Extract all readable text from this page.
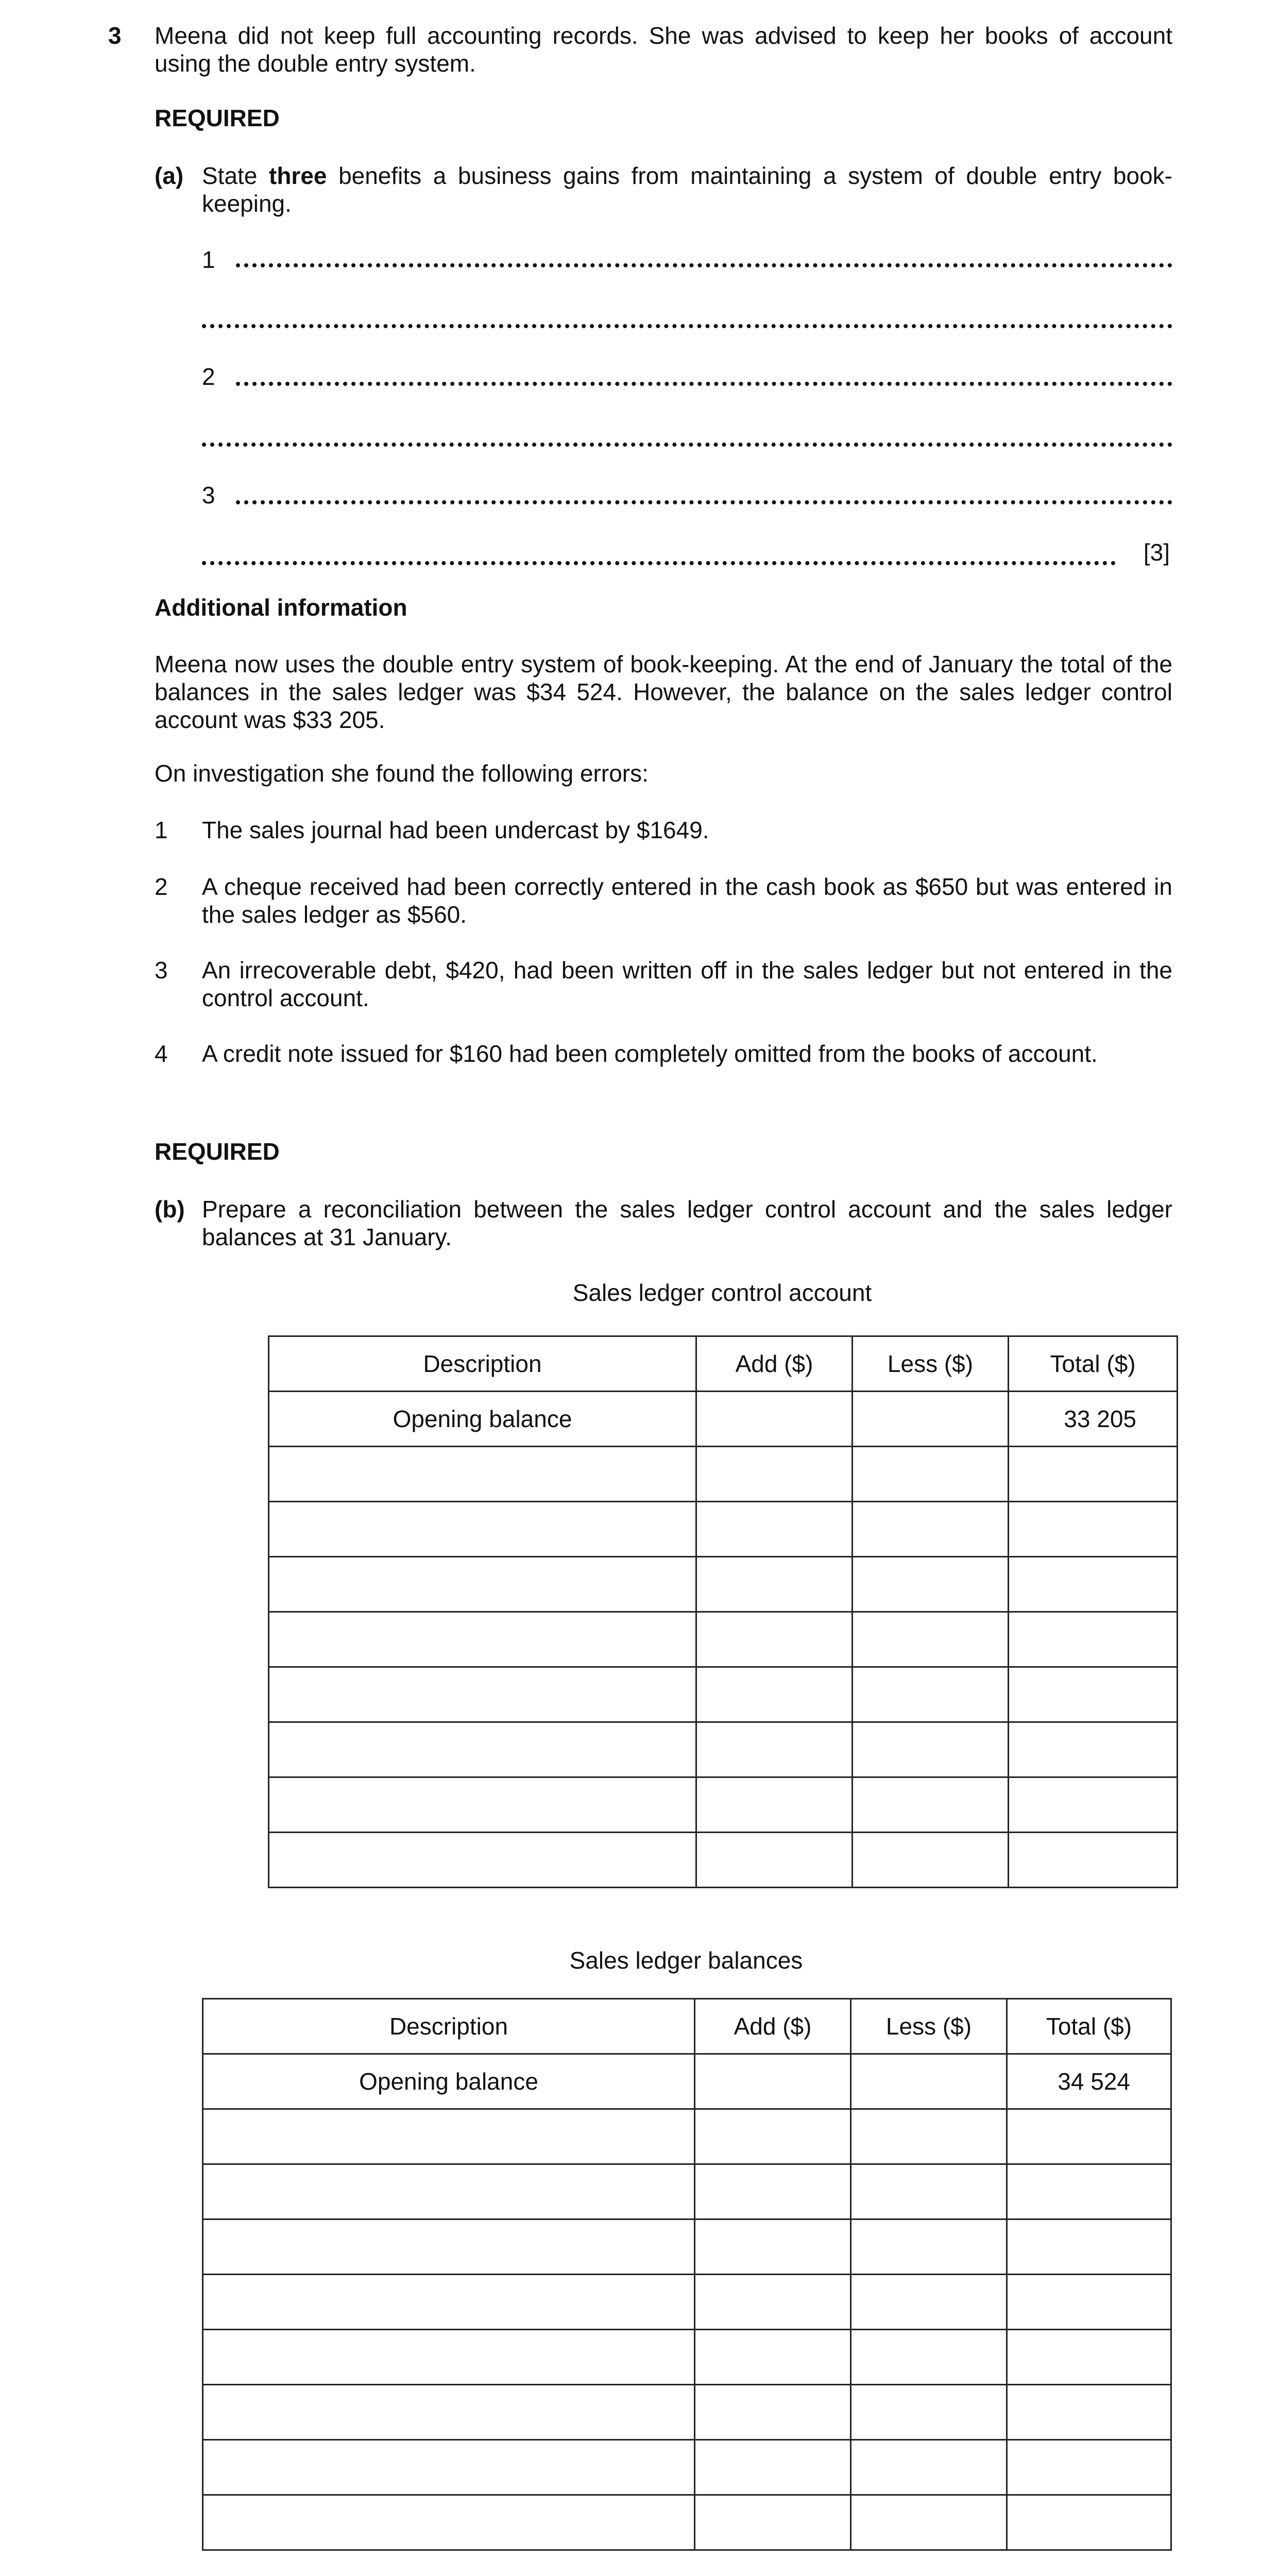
3 Meena did not keep full accounting records. She was advised to keep her books of account using the double entry system.
REQUIRED
(a) State three benefits a business gains from maintaining a system of double entry book-keeping.
1
2
3
[3]
Additional information
Meena now uses the double entry system of book-keeping. At the end of January the total of the balances in the sales ledger was $34 524. However, the balance on the sales ledger control account was $33 205.
On investigation she found the following errors:
1 The sales journal had been undercast by $1649.
2 A cheque received had been correctly entered in the cash book as $650 but was entered in the sales ledger as $560.
3 An irrecoverable debt, $420, had been written off in the sales ledger but not entered in the control account.
4 A credit note issued for $160 had been completely omitted from the books of account.
REQUIRED
(b) Prepare a reconciliation between the sales ledger control account and the sales ledger balances at 31 January.
Sales ledger control account
Description	Add ($)	Less ($)	Total ($)
Opening balance			33 205

Sales ledger balances
Description	Add ($)	Less ($)	Total ($)
Opening balance			34 524
